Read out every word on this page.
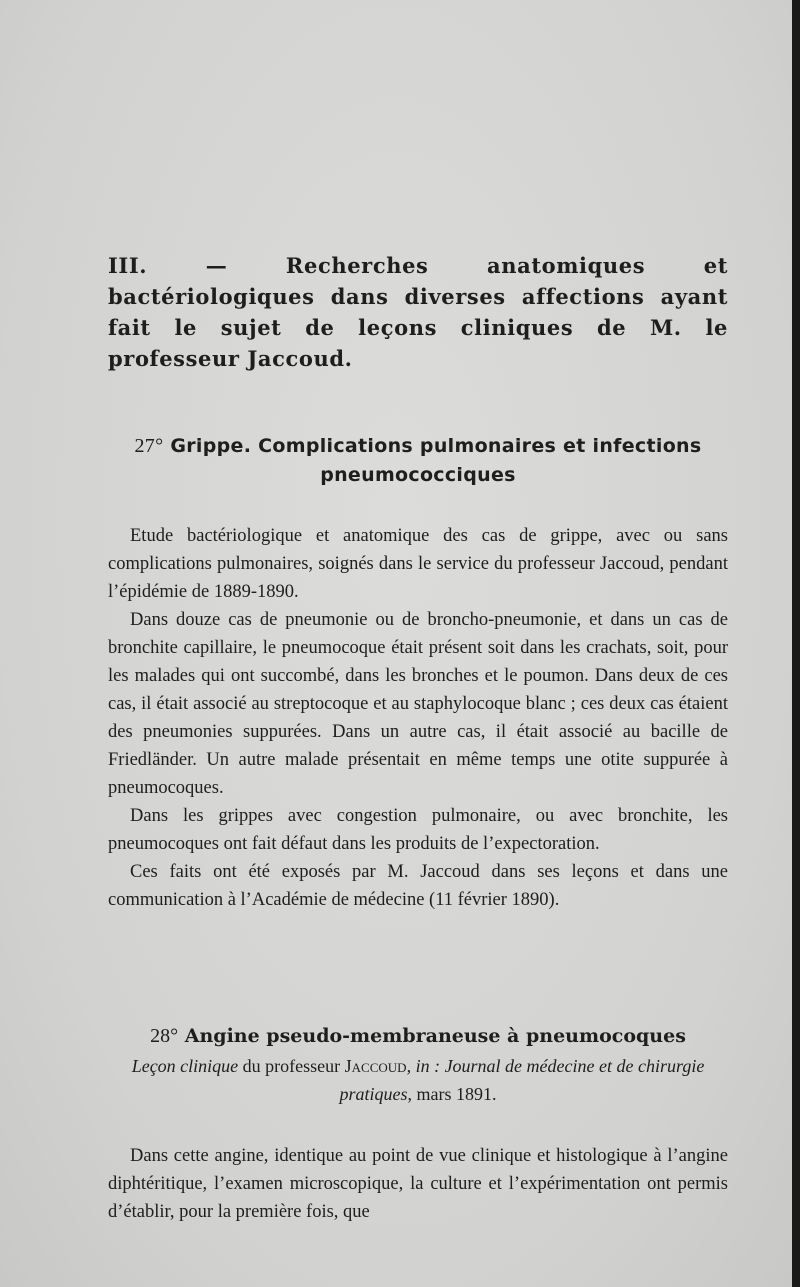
III. — Recherches anatomiques et bactériologiques dans diverses affections ayant fait le sujet de leçons cliniques de M. le professeur Jaccoud.
27° Grippe. Complications pulmonaires et infections pneumococciques

Etude bactériologique et anatomique des cas de grippe, avec ou sans complications pulmonaires, soignés dans le service du professeur Jaccoud, pendant l’épidémie de 1889-1890.

Dans douze cas de pneumonie ou de broncho-pneumonie, et dans un cas de bronchite capillaire, le pneumocoque était présent soit dans les crachats, soit, pour les malades qui ont succombé, dans les bronches et le poumon. Dans deux de ces cas, il était associé au streptocoque et au staphylocoque blanc ; ces deux cas étaient des pneumonies suppurées. Dans un autre cas, il était associé au bacille de Friedländer. Un autre malade présentait en même temps une otite suppurée à pneumocoques.

Dans les grippes avec congestion pulmonaire, ou avec bronchite, les pneumocoques ont fait défaut dans les produits de l’expectoration.

Ces faits ont été exposés par M. Jaccoud dans ses leçons et dans une communication à l’Académie de médecine (11 février 1890).

28° Angine pseudo-membraneuse à pneumocoques

Leçon clinique du professeur Jaccoud, in : Journal de médecine et de chirurgie pratiques, mars 1891.

Dans cette angine, identique au point de vue clinique et histologique à l’angine diphtéritique, l’examen microscopique, la culture et l’expérimentation ont permis d’établir, pour la première fois, que
